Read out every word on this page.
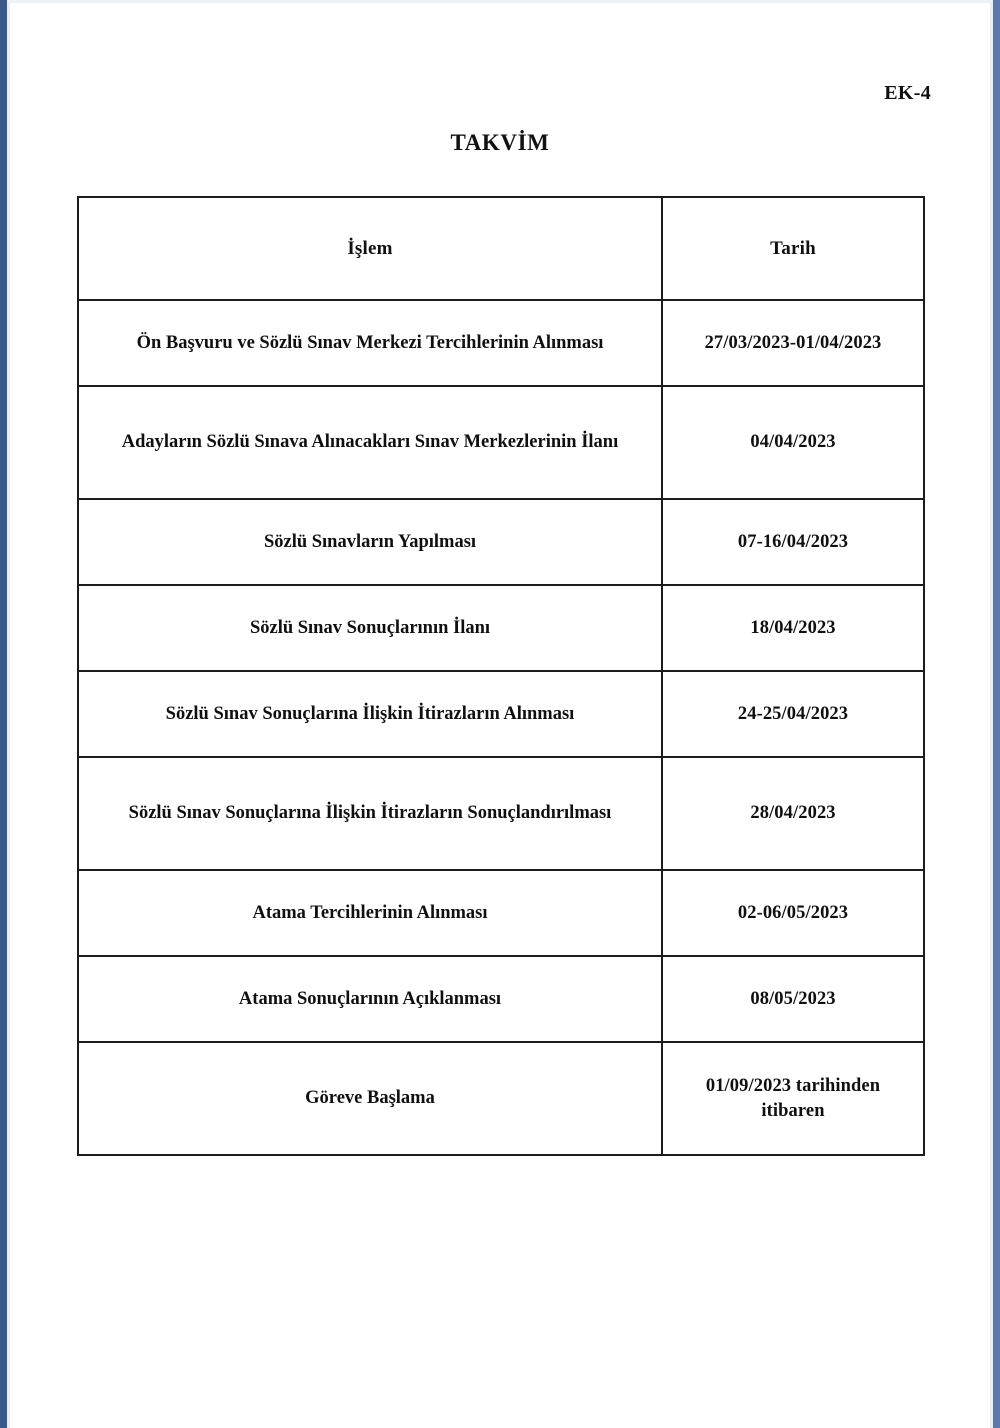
EK-4
TAKVİM
İşlem	Tarih
Ön Başvuru ve Sözlü Sınav Merkezi Tercihlerinin Alınması	27/03/2023-01/04/2023
Adayların Sözlü Sınava Alınacakları Sınav Merkezlerinin İlanı	04/04/2023
Sözlü Sınavların Yapılması	07-16/04/2023
Sözlü Sınav Sonuçlarının İlanı	18/04/2023
Sözlü Sınav Sonuçlarına İlişkin İtirazların Alınması	24-25/04/2023
Sözlü Sınav Sonuçlarına İlişkin İtirazların Sonuçlandırılması	28/04/2023
Atama Tercihlerinin Alınması	02-06/05/2023
Atama Sonuçlarının Açıklanması	08/05/2023
Göreve Başlama	01/09/2023 tarihinden itibaren
